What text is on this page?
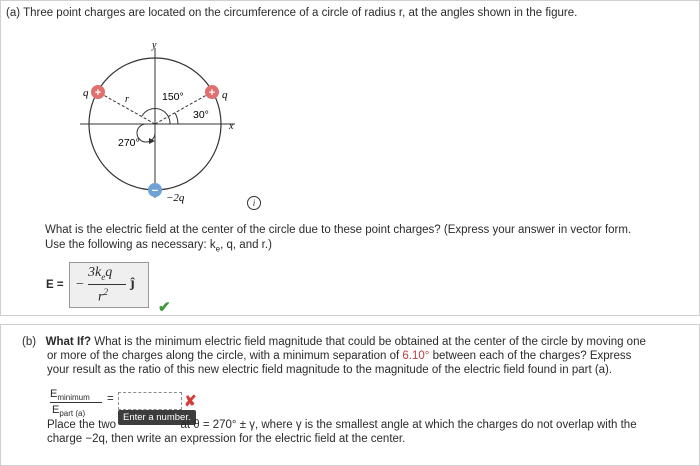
(a) Three point charges are located on the circumference of a circle of radius r, at the angles shown in the figure.
+	+
−
q	q
−2q
150°
30°
270°
r
x
y
i
What is the electric field at the center of the circle due to these point charges? (Express your answer in vector form.
Use the following as necessary: $k_e$, q, and r.)
E = −
$3k_eq$
$r^2$
ĵ
✔
(b) What If? What is the minimum electric field magnitude that could be obtained at the center of the circle by moving one
or more of the charges along the circle, with a minimum separation of 6.10° between each of the charges? Express
your result as the ratio of this new electric field magnitude to the magnitude of the electric field found in part (a).
$E_{minimum}$
$E_{part (a)}$
=	✘
Enter a number.
Place the two	at θ = 270° ± γ, where γ is the smallest angle at which the charges do not overlap with the
charge −2q, then write an expression for the electric field at the center.
